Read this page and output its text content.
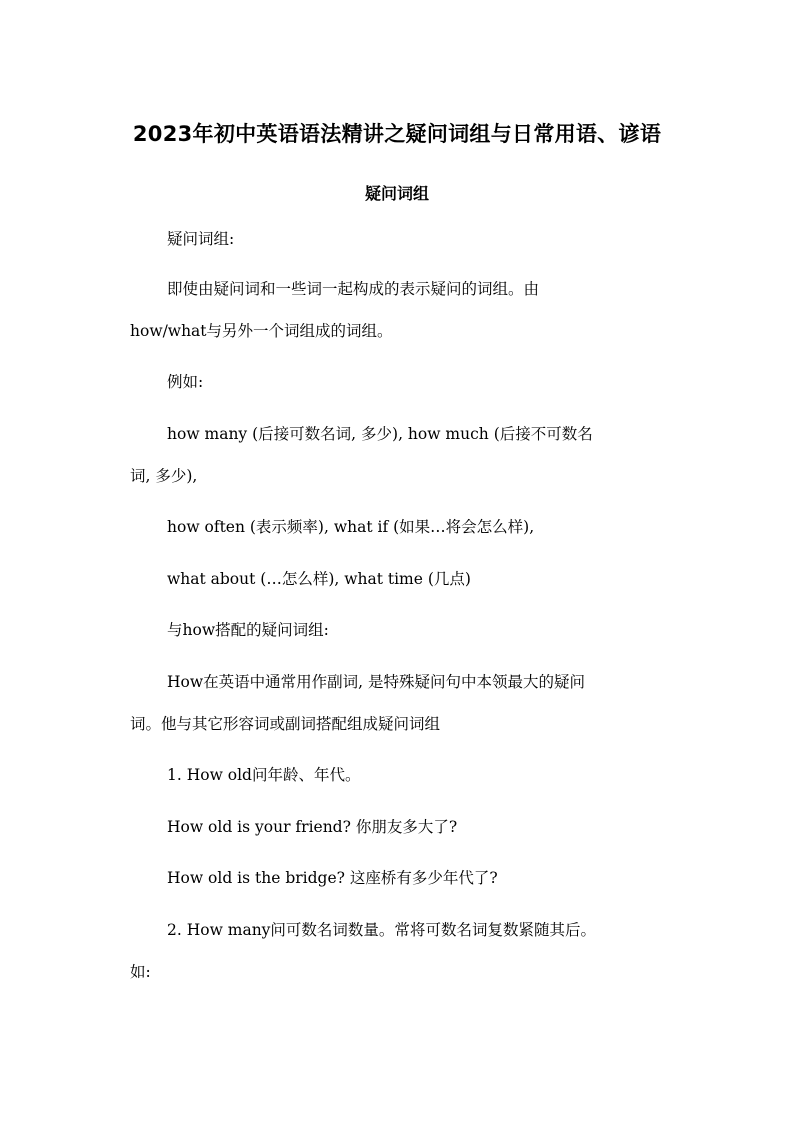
2023年初中英语语法精讲之疑问词组与日常用语、谚语
疑问词组
疑问词组:
即使由疑问词和一些词一起构成的表示疑问的词组。由
how/what与另外一个词组成的词组。
例如:
how many (后接可数名词, 多少), how much (后接不可数名
词, 多少),
how often (表示频率), what if (如果…将会怎么样),
what about (…怎么样), what time (几点)
与how搭配的疑问词组:
How在英语中通常用作副词, 是特殊疑问句中本领最大的疑问
词。他与其它形容词或副词搭配组成疑问词组
1. How old问年龄、年代。
How old is your friend? 你朋友多大了?
How old is the bridge? 这座桥有多少年代了?
2. How many问可数名词数量。常将可数名词复数紧随其后。
如:
